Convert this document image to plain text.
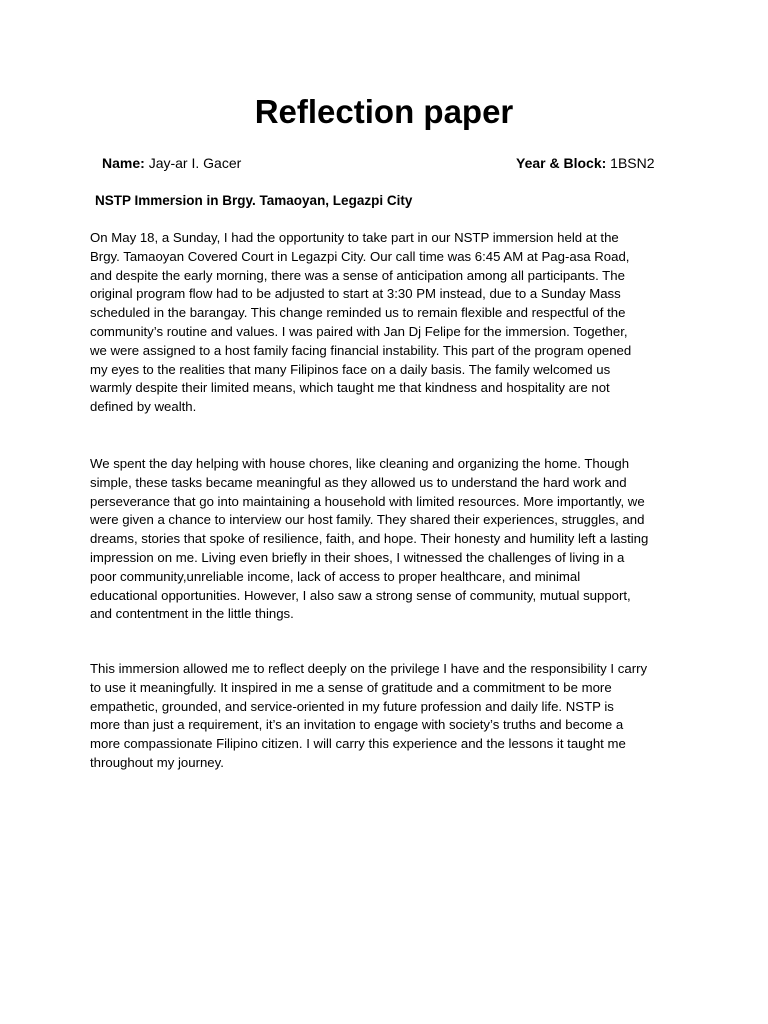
Reflection paper
Name: Jay-ar I. Gacer	Year & Block: 1BSN2
NSTP Immersion in Brgy. Tamaoyan, Legazpi City

On May 18, a Sunday, I had the opportunity to take part in our NSTP immersion held at the
Brgy. Tamaoyan Covered Court in Legazpi City. Our call time was 6:45 AM at Pag-asa Road,
and despite the early morning, there was a sense of anticipation among all participants. The
original program flow had to be adjusted to start at 3:30 PM instead, due to a Sunday Mass
scheduled in the barangay. This change reminded us to remain flexible and respectful of the
community’s routine and values. I was paired with Jan Dj Felipe for the immersion. Together,
we were assigned to a host family facing financial instability. This part of the program opened
my eyes to the realities that many Filipinos face on a daily basis. The family welcomed us
warmly despite their limited means, which taught me that kindness and hospitality are not
defined by wealth.

We spent the day helping with house chores, like cleaning and organizing the home. Though
simple, these tasks became meaningful as they allowed us to understand the hard work and
perseverance that go into maintaining a household with limited resources. More importantly, we
were given a chance to interview our host family. They shared their experiences, struggles, and
dreams, stories that spoke of resilience, faith, and hope. Their honesty and humility left a lasting
impression on me. Living even briefly in their shoes, I witnessed the challenges of living in a
poor community,unreliable income, lack of access to proper healthcare, and minimal
educational opportunities. However, I also saw a strong sense of community, mutual support,
and contentment in the little things.

This immersion allowed me to reflect deeply on the privilege I have and the responsibility I carry
to use it meaningfully. It inspired in me a sense of gratitude and a commitment to be more
empathetic, grounded, and service-oriented in my future profession and daily life. NSTP is
more than just a requirement, it’s an invitation to engage with society’s truths and become a
more compassionate Filipino citizen. I will carry this experience and the lessons it taught me
throughout my journey.
